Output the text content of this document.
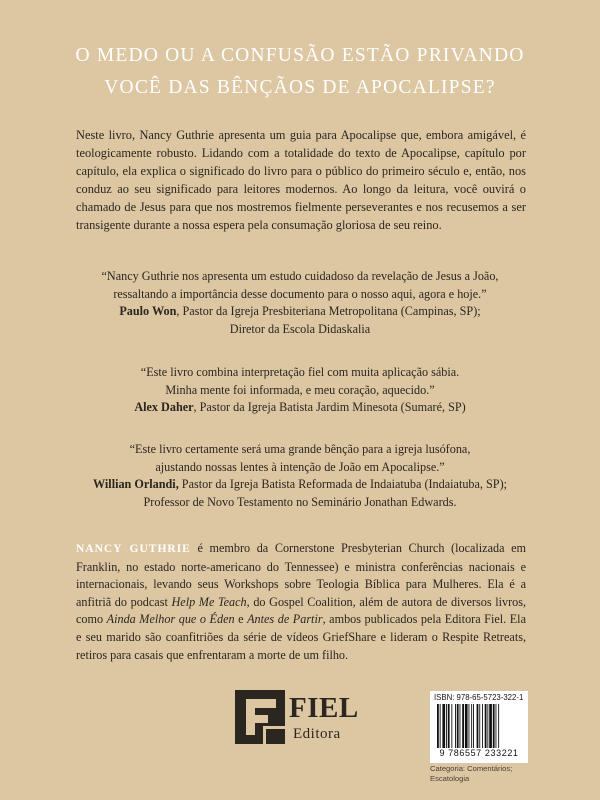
O MEDO OU A CONFUSÃO ESTÃO PRIVANDO
VOCÊ DAS BÊNÇÃOS DE APOCALIPSE?
Neste livro, Nancy Guthrie apresenta um guia para Apocalipse que, embora amigável, é teologicamente robusto. Lidando com a totalidade do texto de Apocalipse, capítulo por capítulo, ela explica o significado do livro para o público do primeiro século e, então, nos conduz ao seu significado para leitores modernos. Ao longo da leitura, você ouvirá o chamado de Jesus para que nos mostremos fielmente perseverantes e nos recusemos a ser transigente durante a nossa espera pela consumação gloriosa de seu reino.
“Nancy Guthrie nos apresenta um estudo cuidadoso da revelação de Jesus a João,
ressaltando a importância desse documento para o nosso aqui, agora e hoje.”
Paulo Won, Pastor da Igreja Presbiteriana Metropolitana (Campinas, SP);
Diretor da Escola Didaskalia
“Este livro combina interpretação fiel com muita aplicação sábia.
Minha mente foi informada, e meu coração, aquecido.”
Alex Daher, Pastor da Igreja Batista Jardim Minesota (Sumaré, SP)
“Este livro certamente será uma grande bênção para a igreja lusófona,
ajustando nossas lentes à intenção de João em Apocalipse.”
Willian Orlandi, Pastor da Igreja Batista Reformada de Indaiatuba (Indaiatuba, SP);
Professor de Novo Testamento no Seminário Jonathan Edwards.
NANCY GUTHRIE é membro da Cornerstone Presbyterian Church (localizada em Franklin, no estado norte-americano do Tennessee) e ministra conferências nacionais e internacionais, levando seus Workshops sobre Teologia Bíblica para Mulheres. Ela é a anfitriã do podcast Help Me Teach, do Gospel Coalition, além de autora de diversos livros, como Ainda Melhor que o Éden e Antes de Partir, ambos publicados pela Editora Fiel. Ela e seu marido são coanfitriões da série de vídeos GriefShare e lideram o Respite Retreats, retiros para casais que enfrentaram a morte de um filho.
FIEL
Editora
ISBN: 978-65-5723-322-1
9 786557 233221
Categoria: Comentários;
Escatologia
